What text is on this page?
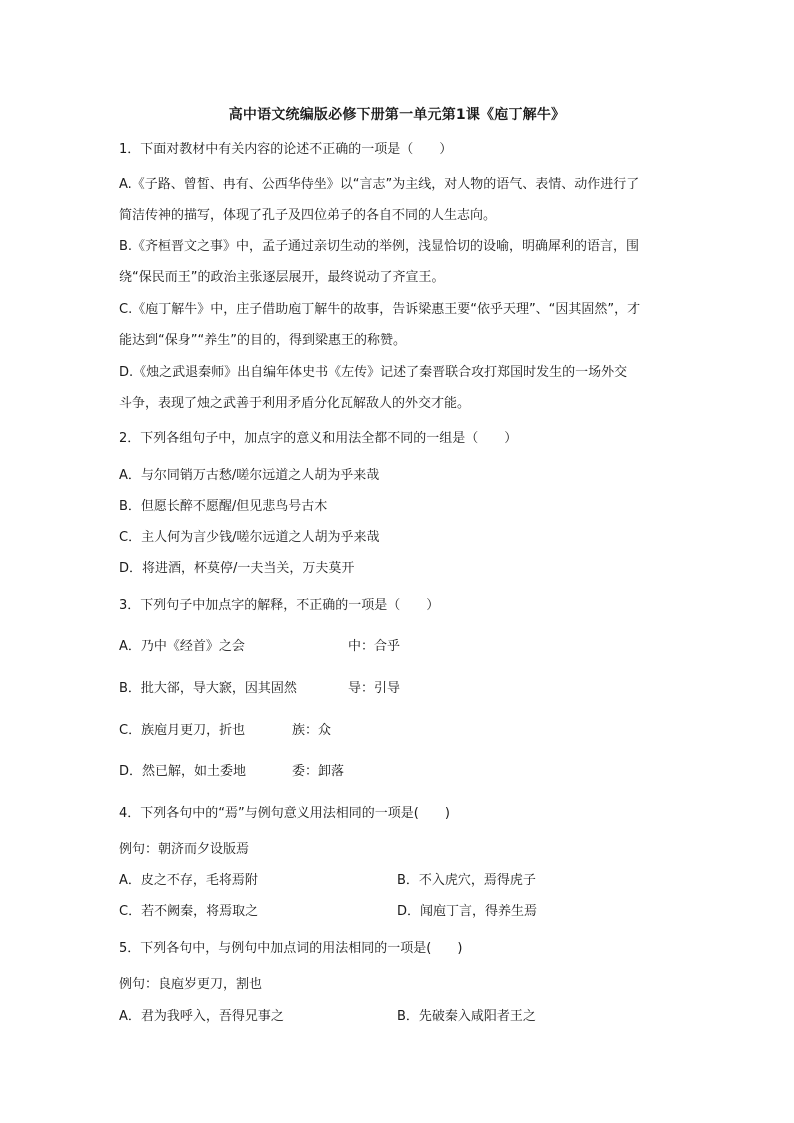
高中语文统编版必修下册第一单元第1课《庖丁解牛》
1．下面对教材中有关内容的论述不正确的一项是（　　）
A.《子路、曾皙、冉有、公西华侍坐》以“言志”为主线，对人物的语气、表情、动作进行了
简洁传神的描写，体现了孔子及四位弟子的各自不同的人生志向。
B.《齐桓晋文之事》中，孟子通过亲切生动的举例，浅显恰切的设喻，明确犀利的语言，围
绕“保民而王”的政治主张逐层展开，最终说动了齐宣王。
C.《庖丁解牛》中，庄子借助庖丁解牛的故事，告诉梁惠王要“依乎天理”、“因其固然”，才
能达到“保身”“养生”的目的，得到梁惠王的称赞。
D.《烛之武退秦师》出自编年体史书《左传》记述了秦晋联合攻打郑国时发生的一场外交
斗争，表现了烛之武善于利用矛盾分化瓦解敌人的外交才能。
2．下列各组句子中，加点字的意义和用法全都不同的一组是（　　）
A．与尔同销万古愁/嗟尔远道之人胡为乎来哉
B．但愿长醉不愿醒/但见悲鸟号古木
C．主人何为言少钱/嗟尔远道之人胡为乎来哉
D．将进酒，杯莫停/一夫当关，万夫莫开
3．下列句子中加点字的解释，不正确的一项是（　　）
A．乃中《经首》之会	中：合乎
B．批大郤，导大窾，因其固然	导：引导
C．族庖月更刀，折也	族：众
D．然已解，如土委地	委：卸落
4．下列各句中的“焉”与例句意义用法相同的一项是(　　)
例句：朝济而夕设版焉
A．皮之不存，毛将焉附	B．不入虎穴，焉得虎子
C．若不阙秦，将焉取之	D．闻庖丁言，得养生焉
5．下列各句中，与例句中加点词的用法相同的一项是(　　)
例句：良庖岁更刀，割也
A．君为我呼入，吾得兄事之	B．先破秦入咸阳者王之
